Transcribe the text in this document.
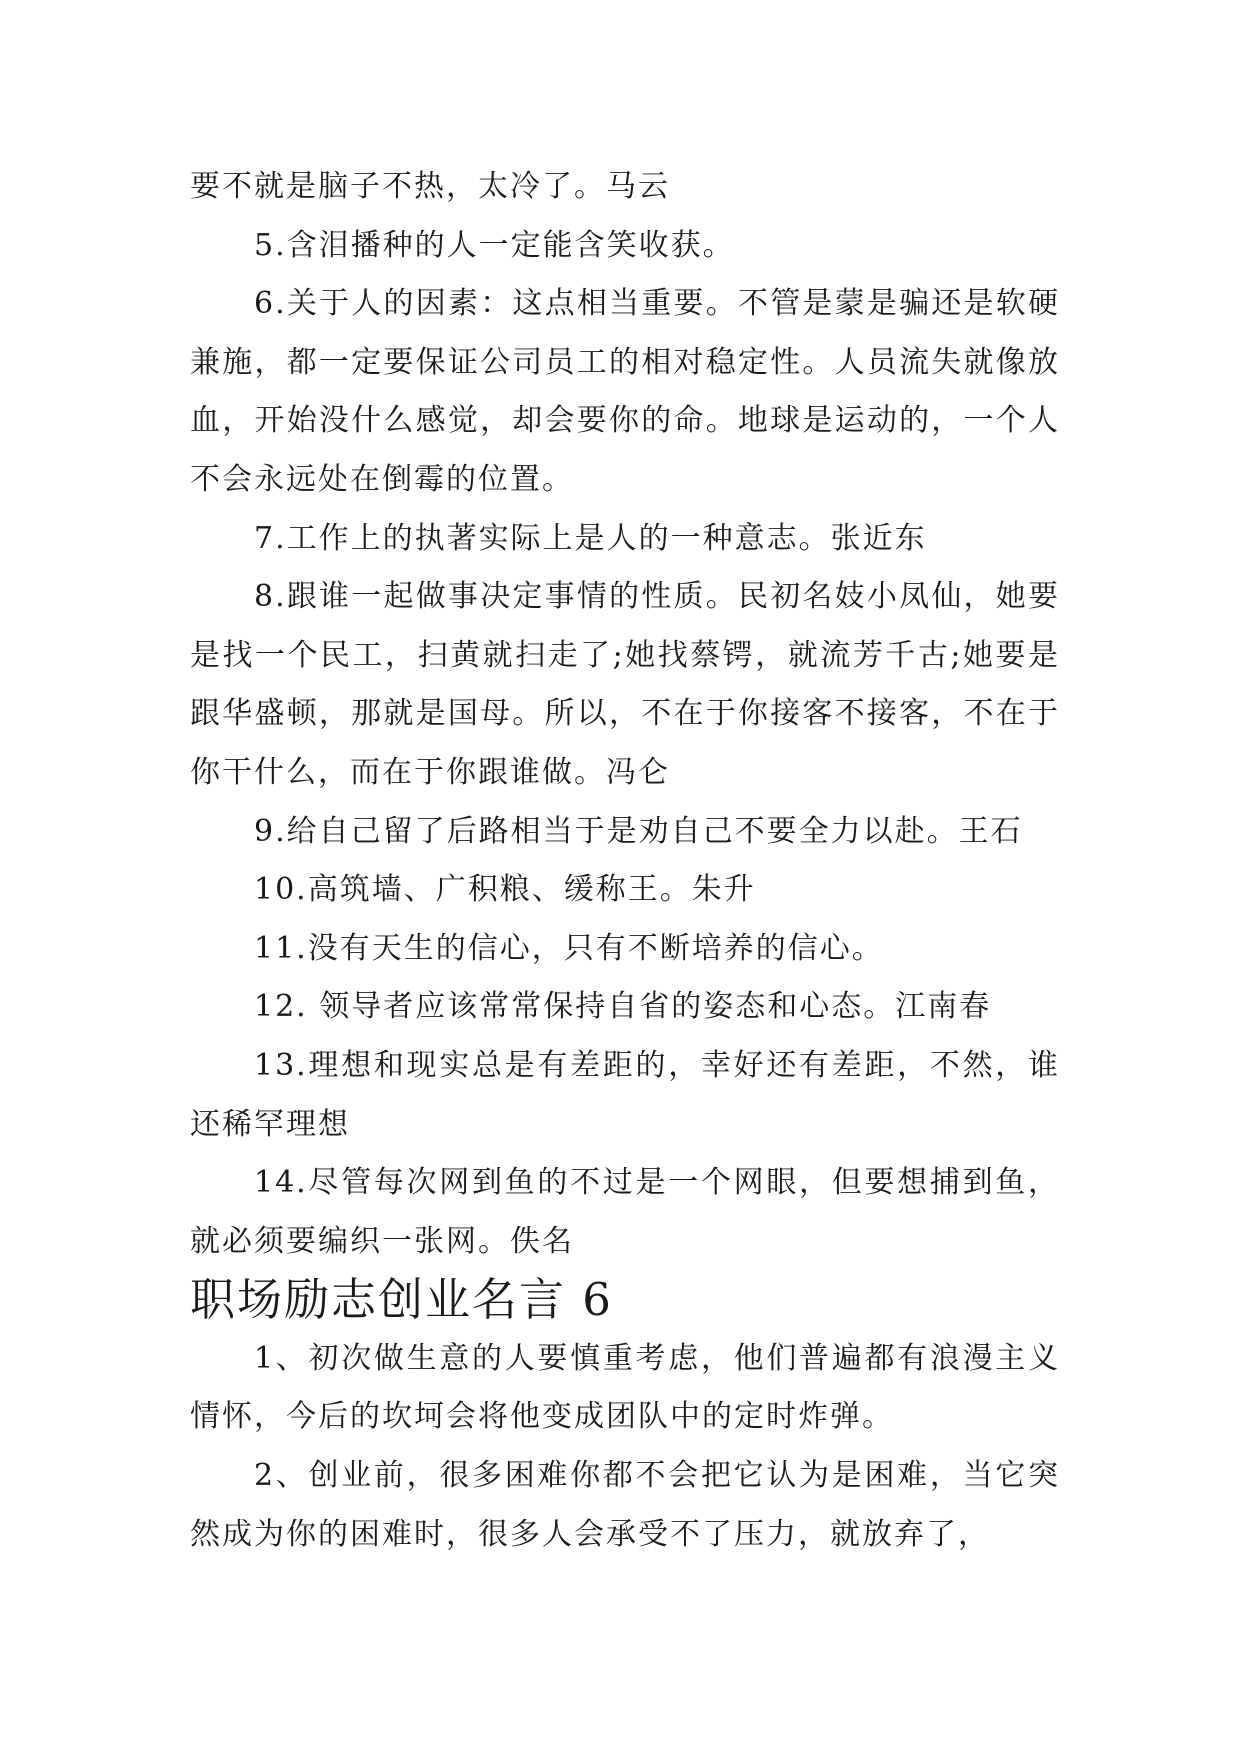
要不就是脑子不热，太冷了。马云

5.含泪播种的人一定能含笑收获。

6.关于人的因素：这点相当重要。不管是蒙是骗还是软硬兼施，都一定要保证公司员工的相对稳定性。人员流失就像放血，开始没什么感觉，却会要你的命。地球是运动的，一个人不会永远处在倒霉的位置。

7.工作上的执著实际上是人的一种意志。张近东

8.跟谁一起做事决定事情的性质。民初名妓小凤仙，她要是找一个民工，扫黄就扫走了;她找蔡锷，就流芳千古;她要是跟华盛顿，那就是国母。所以，不在于你接客不接客，不在于你干什么，而在于你跟谁做。冯仑

9.给自己留了后路相当于是劝自己不要全力以赴。王石

10.高筑墙、广积粮、缓称王。朱升

11.没有天生的信心，只有不断培养的信心。

12. 领导者应该常常保持自省的姿态和心态。江南春

13.理想和现实总是有差距的，幸好还有差距，不然，谁还稀罕理想

14.尽管每次网到鱼的不过是一个网眼，但要想捕到鱼，就必须要编织一张网。佚名

职场励志创业名言 6

1、初次做生意的人要慎重考虑，他们普遍都有浪漫主义情怀，今后的坎坷会将他变成团队中的定时炸弹。

2、创业前，很多困难你都不会把它认为是困难，当它突然成为你的困难时，很多人会承受不了压力，就放弃了，
